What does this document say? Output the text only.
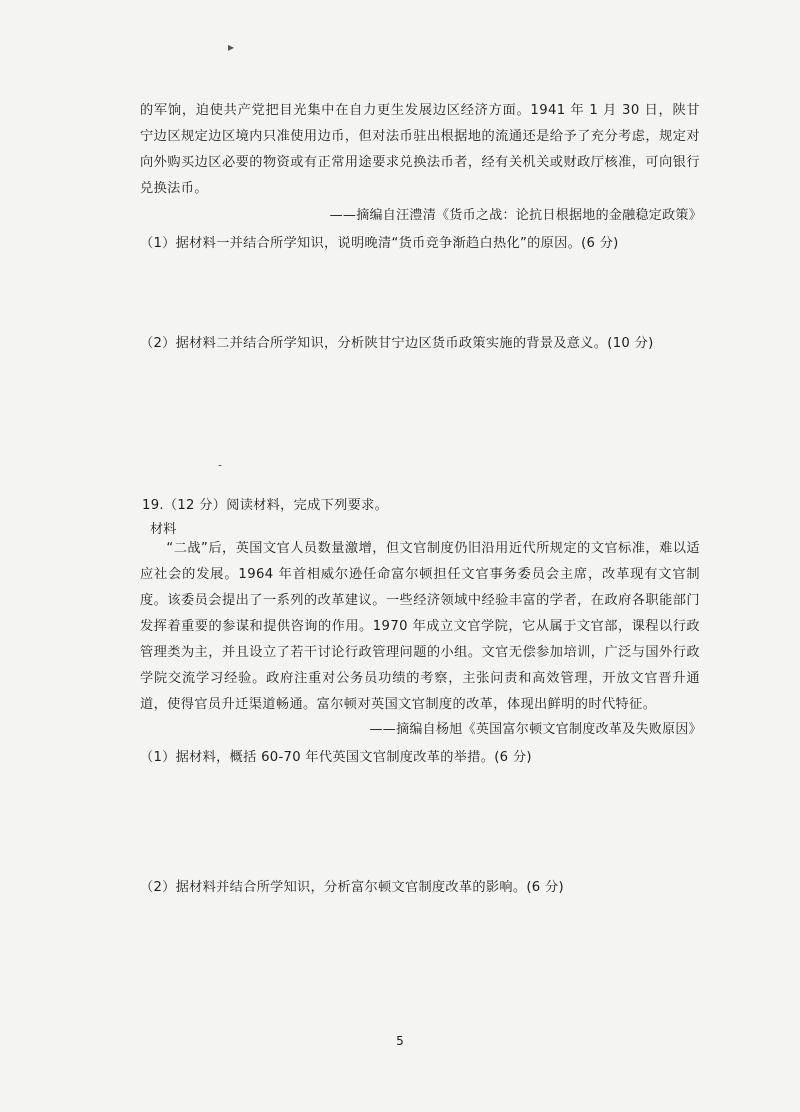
▸
-

的军饷，迫使共产党把目光集中在自力更生发展边区经济方面。1941 年 1 月 30 日，陕甘宁边区规定边区境内只准使用边币，但对法币驻出根据地的流通还是给予了充分考虑，规定对向外购买边区必要的物资或有正常用途要求兑换法币者，经有关机关或财政厅核准，可向银行兑换法币。

——摘编自汪澧清《货币之战：论抗日根据地的金融稳定政策》
（1）据材料一并结合所学知识，说明晚清“货币竞争渐趋白热化”的原因。(6 分)
（2）据材料二并结合所学知识，分析陕甘宁边区货币政策实施的背景及意义。(10 分)
19.（12 分）阅读材料，完成下列要求。
材料

“二战”后，英国文官人员数量激增，但文官制度仍旧沿用近代所规定的文官标准，难以适应社会的发展。1964 年首相威尔逊任命富尔顿担任文官事务委员会主席，改革现有文官制度。该委员会提出了一系列的改革建议。一些经济领域中经验丰富的学者，在政府各职能部门发挥着重要的参谋和提供咨询的作用。1970 年成立文官学院，它从属于文官部，课程以行政管理类为主，并且设立了若干讨论行政管理问题的小组。文官无偿参加培训，广泛与国外行政学院交流学习经验。政府注重对公务员功绩的考察，主张问责和高效管理，开放文官晋升通道，使得官员升迁渠道畅通。富尔顿对英国文官制度的改革，体现出鲜明的时代特征。

——摘编自杨旭《英国富尔顿文官制度改革及失败原因》
（1）据材料，概括 60-70 年代英国文官制度改革的举措。(6 分)
（2）据材料并结合所学知识，分析富尔顿文官制度改革的影响。(6 分)
5
